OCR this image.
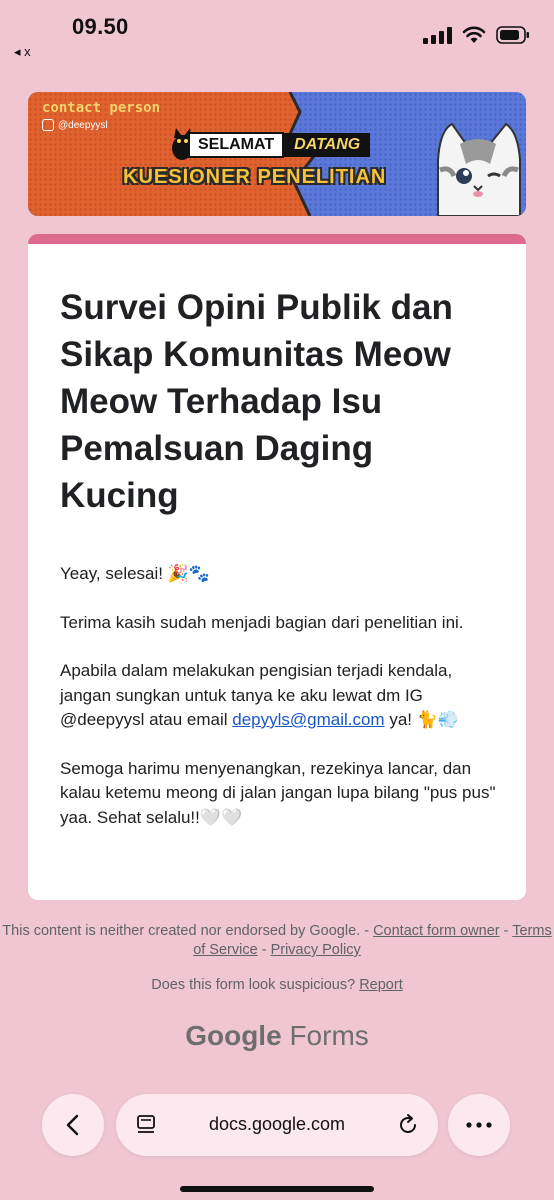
09.50
◂ x
contact person
@deepyysl
SELAMAT	DATANG
KUESIONER PENELITIAN
Survei Opini Publik dan Sikap Komunitas Meow Meow Terhadap Isu Pemalsuan Daging Kucing

Yeay, selesai! 🎉🐾

Terima kasih sudah menjadi bagian dari penelitian ini.

Apabila dalam melakukan pengisian terjadi kendala, jangan sungkan untuk tanya ke aku lewat dm IG @deepyysl atau email depyyls@gmail.com ya! 🐈💨

Semoga harimu menyenangkan, rezekinya lancar, dan kalau ketemu meong di jalan jangan lupa bilang "pus pus" yaa. Sehat selalu!!🤍🤍

This content is neither created nor endorsed by Google. - Contact form owner - Terms of Service - Privacy Policy
Does this form look suspicious? Report
Google Forms
docs.google.com
